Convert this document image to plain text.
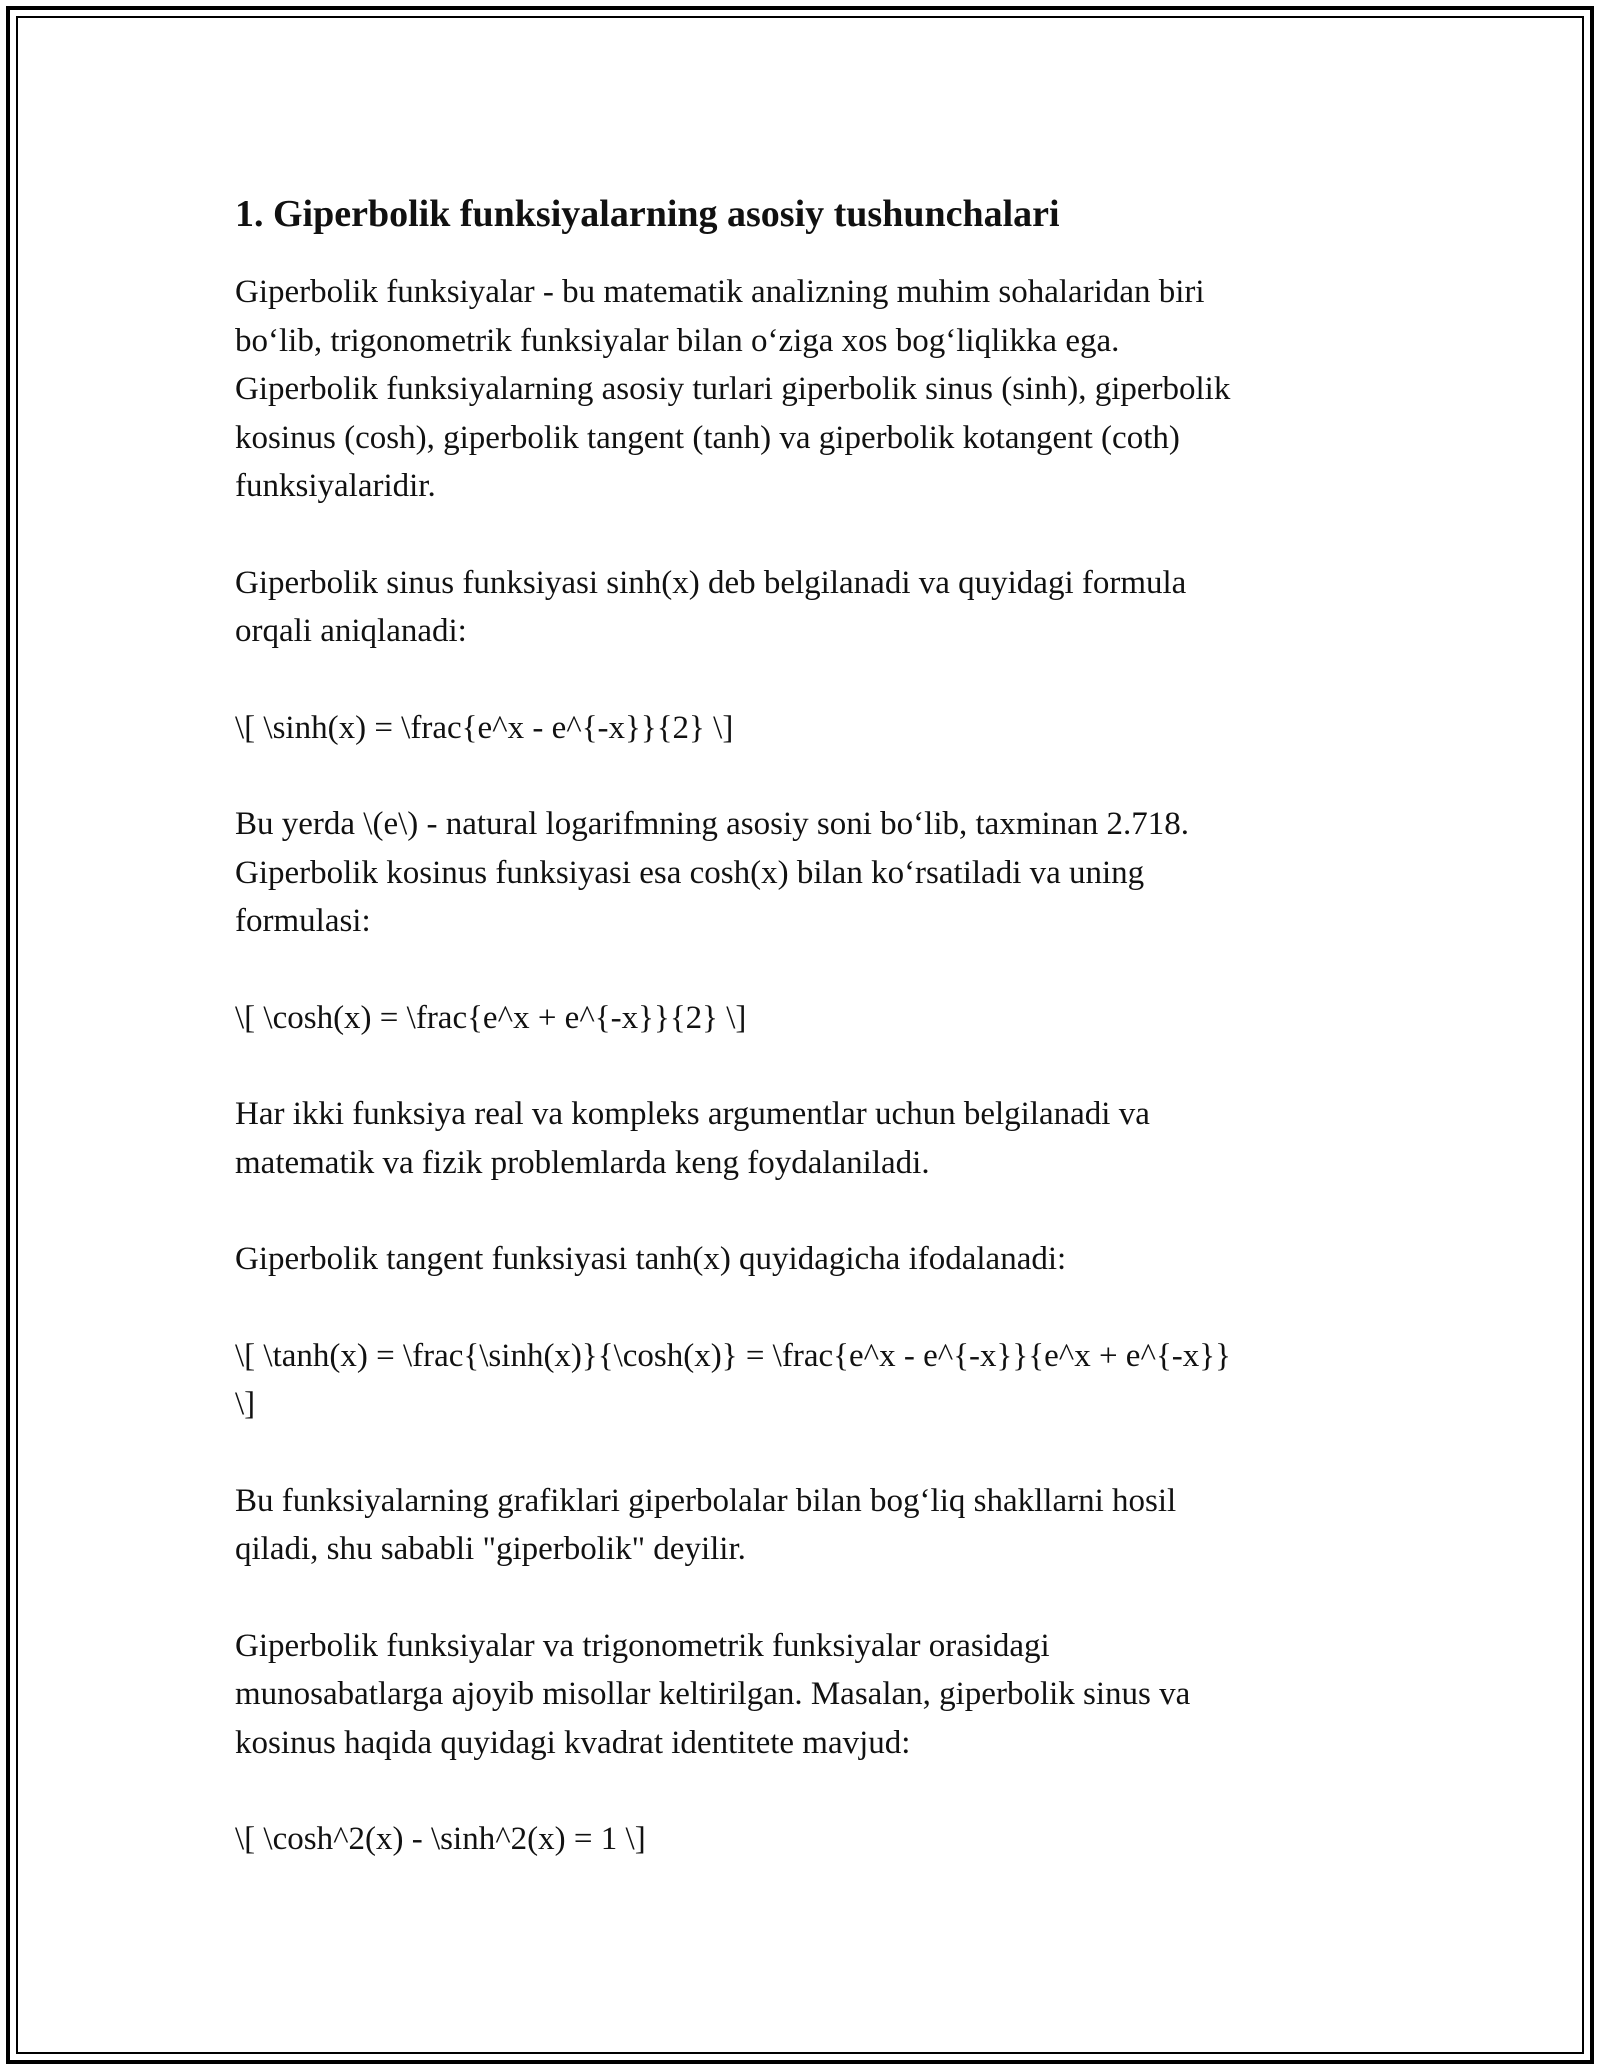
1. Giperbolik funksiyalarning asosiy tushunchalari

Giperbolik funksiyalar - bu matematik analizning muhim sohalaridan biri
bo‘lib, trigonometrik funksiyalar bilan o‘ziga xos bog‘liqlikka ega.
Giperbolik funksiyalarning asosiy turlari giperbolik sinus (sinh), giperbolik
kosinus (cosh), giperbolik tangent (tanh) va giperbolik kotangent (coth)
funksiyalaridir.

Giperbolik sinus funksiyasi sinh(x) deb belgilanadi va quyidagi formula
orqali aniqlanadi:

\[ \sinh(x) = \frac{e^x - e^{-x}}{2} \]

Bu yerda \(e\) - natural logarifmning asosiy soni bo‘lib, taxminan 2.718.
Giperbolik kosinus funksiyasi esa cosh(x) bilan ko‘rsatiladi va uning
formulasi:

\[ \cosh(x) = \frac{e^x + e^{-x}}{2} \]

Har ikki funksiya real va kompleks argumentlar uchun belgilanadi va
matematik va fizik problemlarda keng foydalaniladi.

Giperbolik tangent funksiyasi tanh(x) quyidagicha ifodalanadi:

\[ \tanh(x) = \frac{\sinh(x)}{\cosh(x)} = \frac{e^x - e^{-x}}{e^x + e^{-x}}
\]

Bu funksiyalarning grafiklari giperbolalar bilan bog‘liq shakllarni hosil
qiladi, shu sababli "giperbolik" deyilir.

Giperbolik funksiyalar va trigonometrik funksiyalar orasidagi
munosabatlarga ajoyib misollar keltirilgan. Masalan, giperbolik sinus va
kosinus haqida quyidagi kvadrat identitete mavjud:

\[ \cosh^2(x) - \sinh^2(x) = 1 \]
